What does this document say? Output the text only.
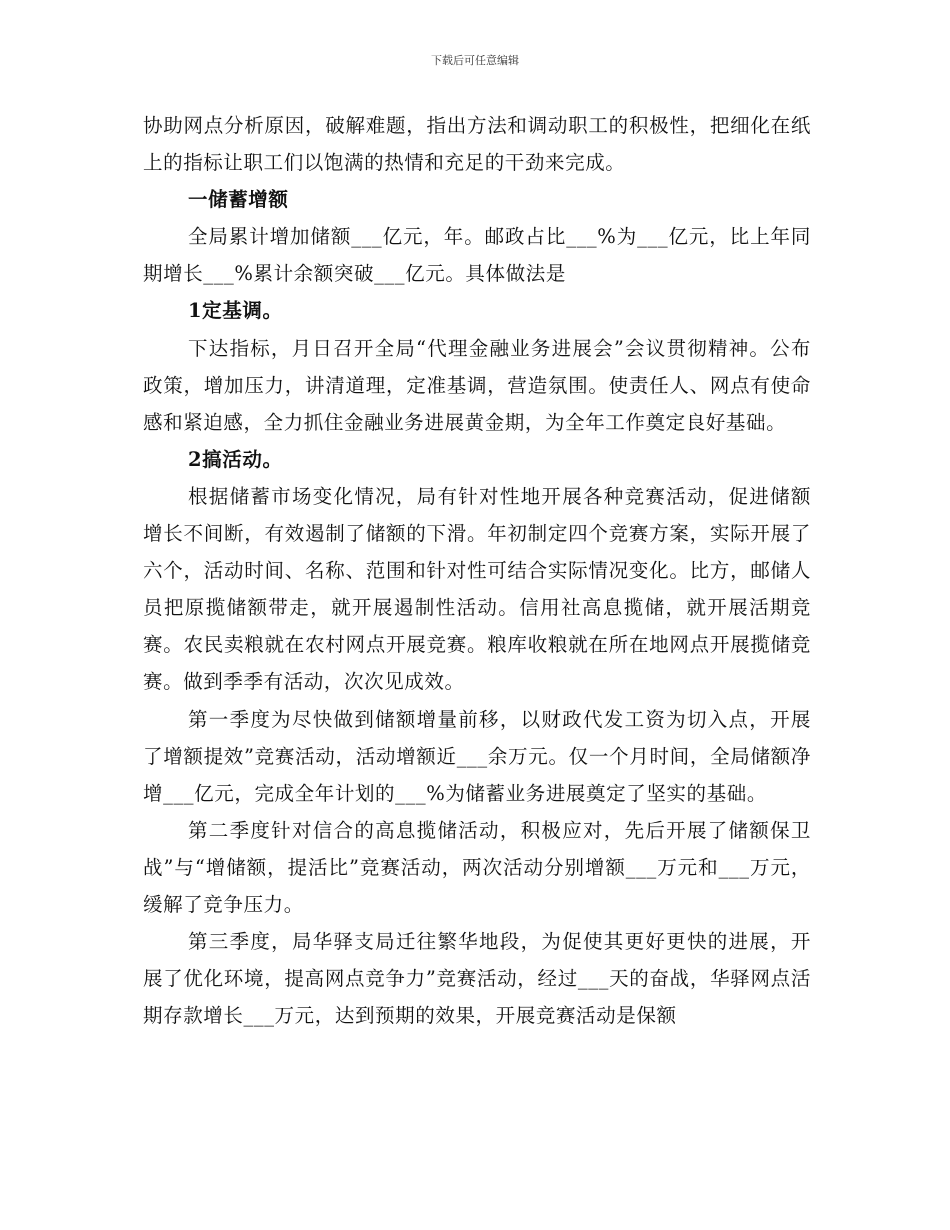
下载后可任意编辑

协助网点分析原因，破解难题，指出方法和调动职工的积极性，把细化在纸上的指标让职工们以饱满的热情和充足的干劲来完成。

一储蓄增额

全局累计增加储额___亿元，年。邮政占比___%为___亿元，比上年同期增长___%累计余额突破___亿元。具体做法是

1定基调。

下达指标，月日召开全局“代理金融业务进展会”会议贯彻精神。公布政策，增加压力，讲清道理，定准基调，营造氛围。使责任人、网点有使命感和紧迫感，全力抓住金融业务进展黄金期，为全年工作奠定良好基础。

2搞活动。

根据储蓄市场变化情况，局有针对性地开展各种竞赛活动，促进储额增长不间断，有效遏制了储额的下滑。年初制定四个竞赛方案，实际开展了六个，活动时间、名称、范围和针对性可结合实际情况变化。比方，邮储人员把原揽储额带走，就开展遏制性活动。信用社高息揽储，就开展活期竞赛。农民卖粮就在农村网点开展竞赛。粮库收粮就在所在地网点开展揽储竞赛。做到季季有活动，次次见成效。

第一季度为尽快做到储额增量前移，以财政代发工资为切入点，开展了增额提效”竞赛活动，活动增额近___余万元。仅一个月时间，全局储额净增___亿元，完成全年计划的___%为储蓄业务进展奠定了坚实的基础。

第二季度针对信合的高息揽储活动，积极应对，先后开展了储额保卫战”与“增储额，提活比”竞赛活动，两次活动分别增额___万元和___万元，缓解了竞争压力。

第三季度，局华驿支局迁往繁华地段，为促使其更好更快的进展，开展了优化环境，提高网点竞争力”竞赛活动，经过___天的奋战，华驿网点活期存款增长___万元，达到预期的效果，开展竞赛活动是保额
